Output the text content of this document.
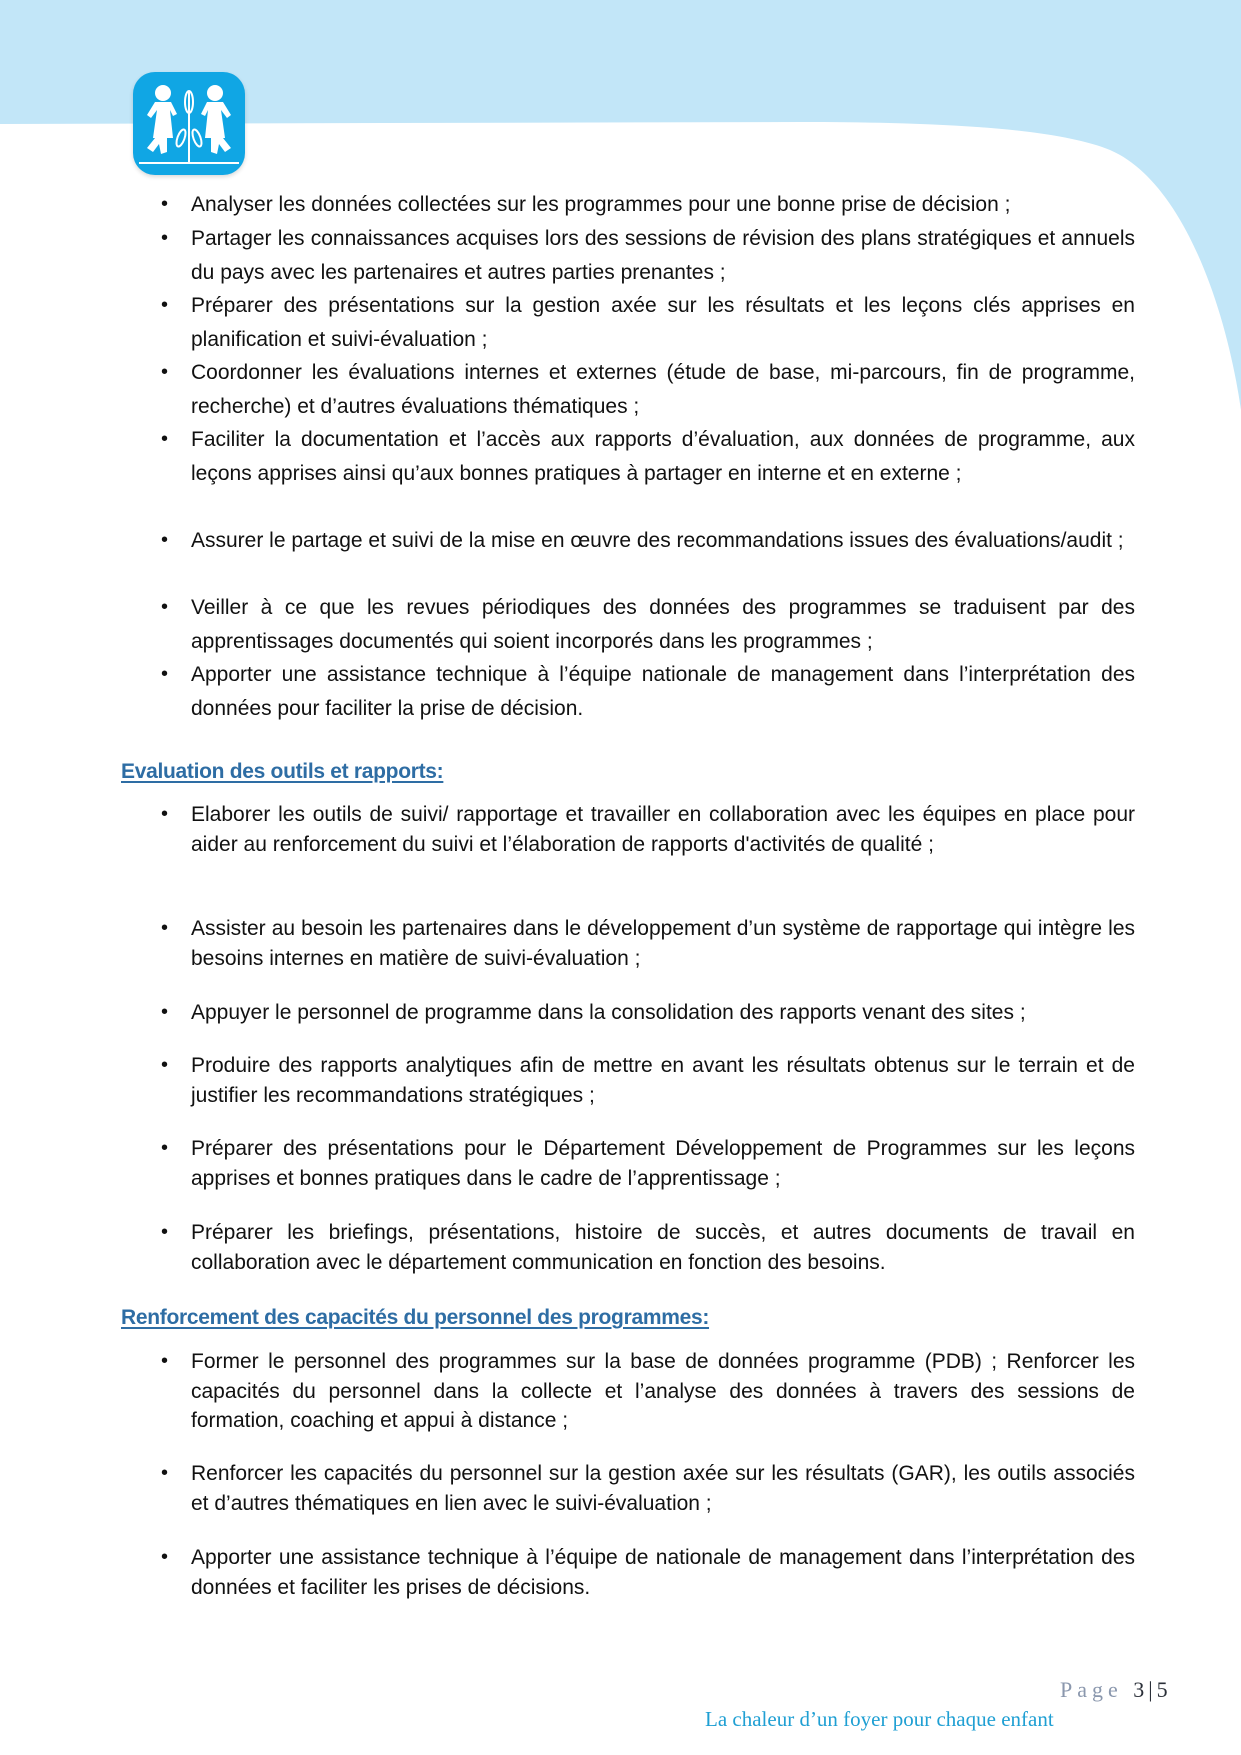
• Analyser les données collectées sur les programmes pour une bonne prise de décision ;
• Partager les connaissances acquises lors des sessions de révision des plans stratégiques et annuels du pays avec les partenaires et autres parties prenantes ;
• Préparer des présentations sur la gestion axée sur les résultats et les leçons clés apprises en planification et suivi-évaluation ;
• Coordonner les évaluations internes et externes (étude de base, mi-parcours, fin de programme, recherche) et d’autres évaluations thématiques ;
• Faciliter la documentation et l’accès aux rapports d’évaluation, aux données de programme, aux leçons apprises ainsi qu’aux bonnes pratiques à partager en interne et en externe ;
• Assurer le partage et suivi de la mise en œuvre des recommandations issues des évaluations/audit ;
• Veiller à ce que les revues périodiques des données des programmes se traduisent par des apprentissages documentés qui soient incorporés dans les programmes ;
• Apporter une assistance technique à l’équipe nationale de management dans l’interprétation des données pour faciliter la prise de décision.
Evaluation des outils et rapports:
• Elaborer les outils de suivi/ rapportage et travailler en collaboration avec les équipes en place pour aider au renforcement du suivi et l’élaboration de rapports d'activités de qualité ;
• Assister au besoin les partenaires dans le développement d’un système de rapportage qui intègre les besoins internes en matière de suivi-évaluation ;
• Appuyer le personnel de programme dans la consolidation des rapports venant des sites ;
• Produire des rapports analytiques afin de mettre en avant les résultats obtenus sur le terrain et de justifier les recommandations stratégiques ;
• Préparer des présentations pour le Département Développement de Programmes sur les leçons apprises et bonnes pratiques dans le cadre de l’apprentissage ;
• Préparer les briefings, présentations, histoire de succès, et autres documents de travail en collaboration avec le département communication en fonction des besoins.
Renforcement des capacités du personnel des programmes:
• Former le personnel des programmes sur la base de données programme (PDB) ; Renforcer les capacités du personnel dans la collecte et l’analyse des données à travers des sessions de formation, coaching et appui à distance ;
• Renforcer les capacités du personnel sur la gestion axée sur les résultats (GAR), les outils associés et d’autres thématiques en lien avec le suivi-évaluation ;
• Apporter une assistance technique à l’équipe de nationale de management dans l’interprétation des données et faciliter les prises de décisions.
Page 3 | 5
La chaleur d’un foyer pour chaque enfant
